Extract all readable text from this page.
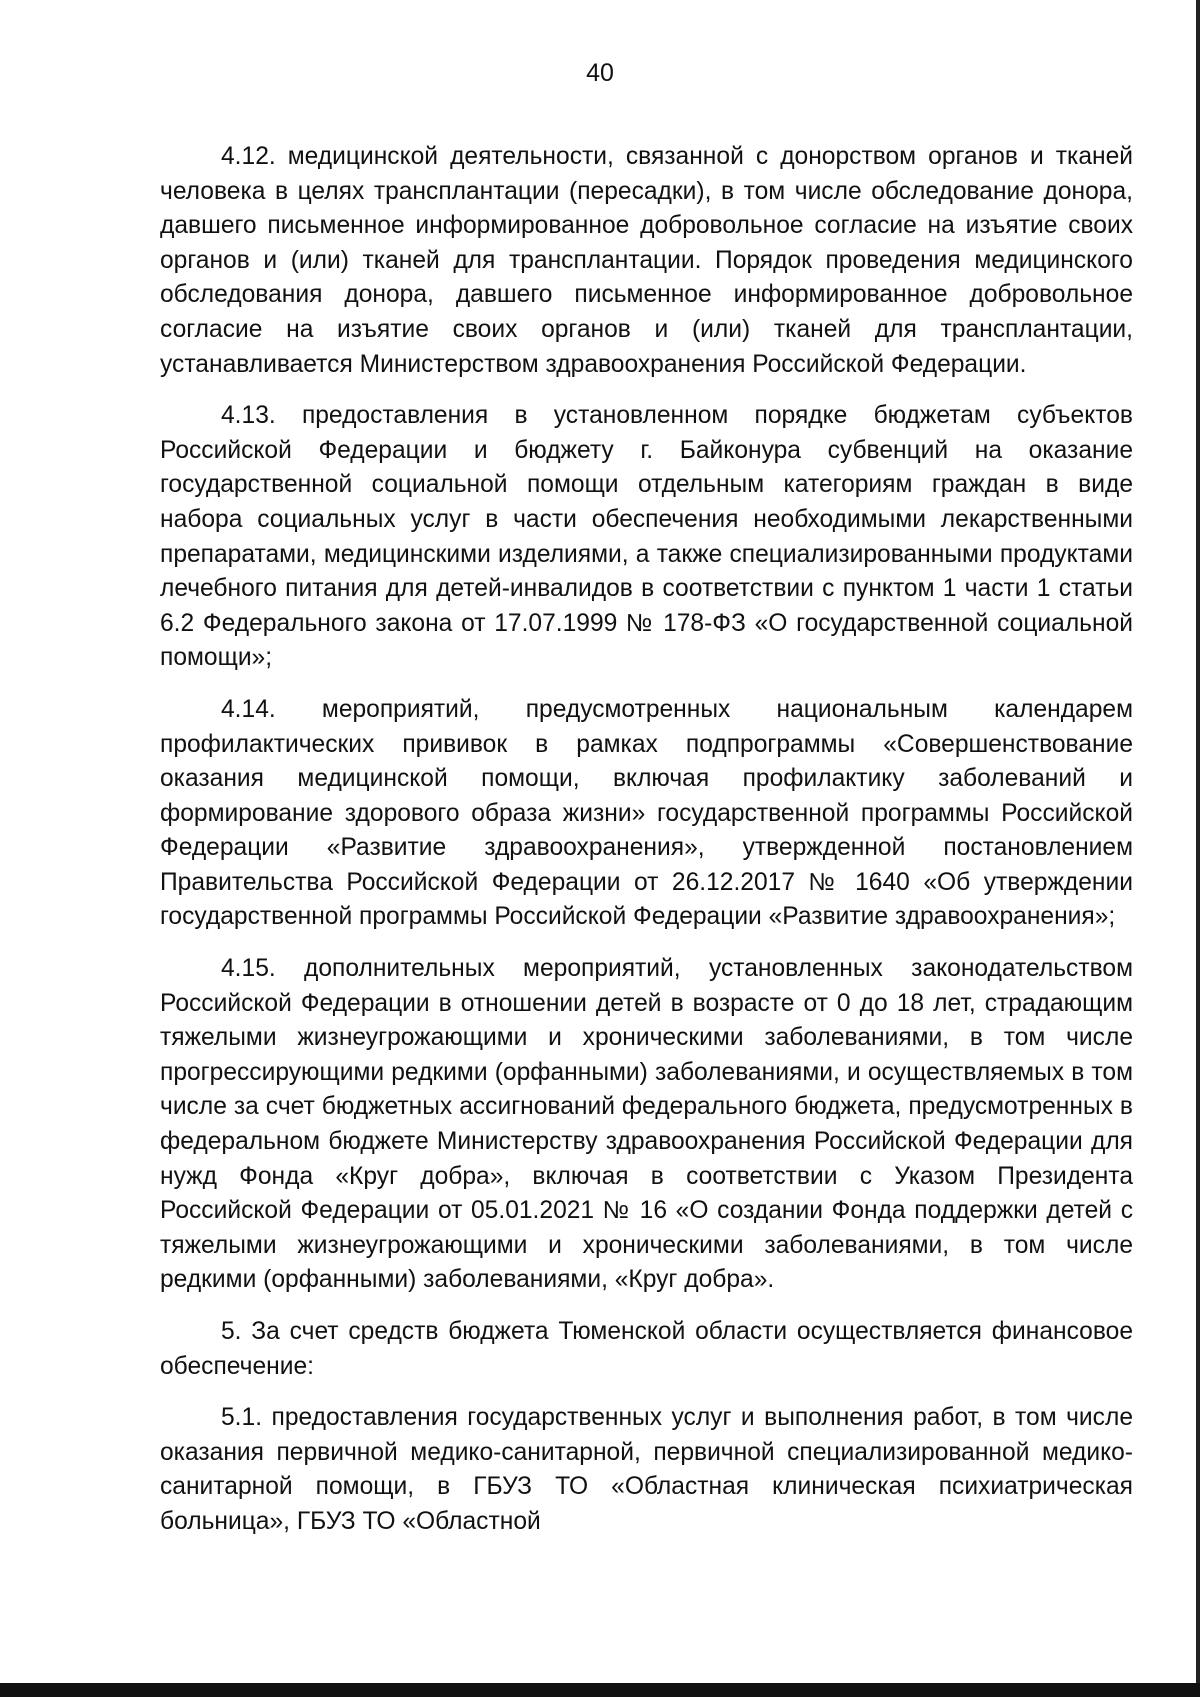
40

4.12. медицинской деятельности, связанной с донорством органов и тканей человека в целях трансплантации (пересадки), в том числе обследование донора, давшего письменное информированное добровольное согласие на изъятие своих органов и (или) тканей для трансплантации. Порядок проведения медицинского обследования донора, давшего письменное информированное добровольное согласие на изъятие своих органов и (или) тканей для трансплантации, устанавливается Министерством здравоохранения Российской Федерации.

4.13. предоставления в установленном порядке бюджетам субъектов Российской Федерации и бюджету г. Байконура субвенций на оказание государственной социальной помощи отдельным категориям граждан в виде набора социальных услуг в части обеспечения необходимыми лекарственными препаратами, медицинскими изделиями, а также специализированными продуктами лечебного питания для детей-инвалидов в соответствии с пунктом 1 части 1 статьи 6.2 Федерального закона от 17.07.1999 № 178-ФЗ «О государственной социальной помощи»;

4.14. мероприятий, предусмотренных национальным календарем профилактических прививок в рамках подпрограммы «Совершенствование оказания медицинской помощи, включая профилактику заболеваний и формирование здорового образа жизни» государственной программы Российской Федерации «Развитие здравоохранения», утвержденной постановлением Правительства Российской Федерации от 26.12.2017 № 1640 «Об утверждении государственной программы Российской Федерации «Развитие здравоохранения»;

4.15. дополнительных мероприятий, установленных законодательством Российской Федерации в отношении детей в возрасте от 0 до 18 лет, страдающим тяжелыми жизнеугрожающими и хроническими заболеваниями, в том числе прогрессирующими редкими (орфанными) заболеваниями, и осуществляемых в том числе за счет бюджетных ассигнований федерального бюджета, предусмотренных в федеральном бюджете Министерству здравоохранения Российской Федерации для нужд Фонда «Круг добра», включая в соответствии с Указом Президента Российской Федерации от 05.01.2021 № 16 «О создании Фонда поддержки детей с тяжелыми жизнеугрожающими и хроническими заболеваниями, в том числе редкими (орфанными) заболеваниями, «Круг добра».

5. За счет средств бюджета Тюменской области осуществляется финансовое обеспечение:

5.1. предоставления государственных услуг и выполнения работ, в том числе оказания первичной медико-санитарной, первичной специализированной медико-санитарной помощи, в ГБУЗ ТО «Областная клиническая психиатрическая больница», ГБУЗ ТО «Областной
